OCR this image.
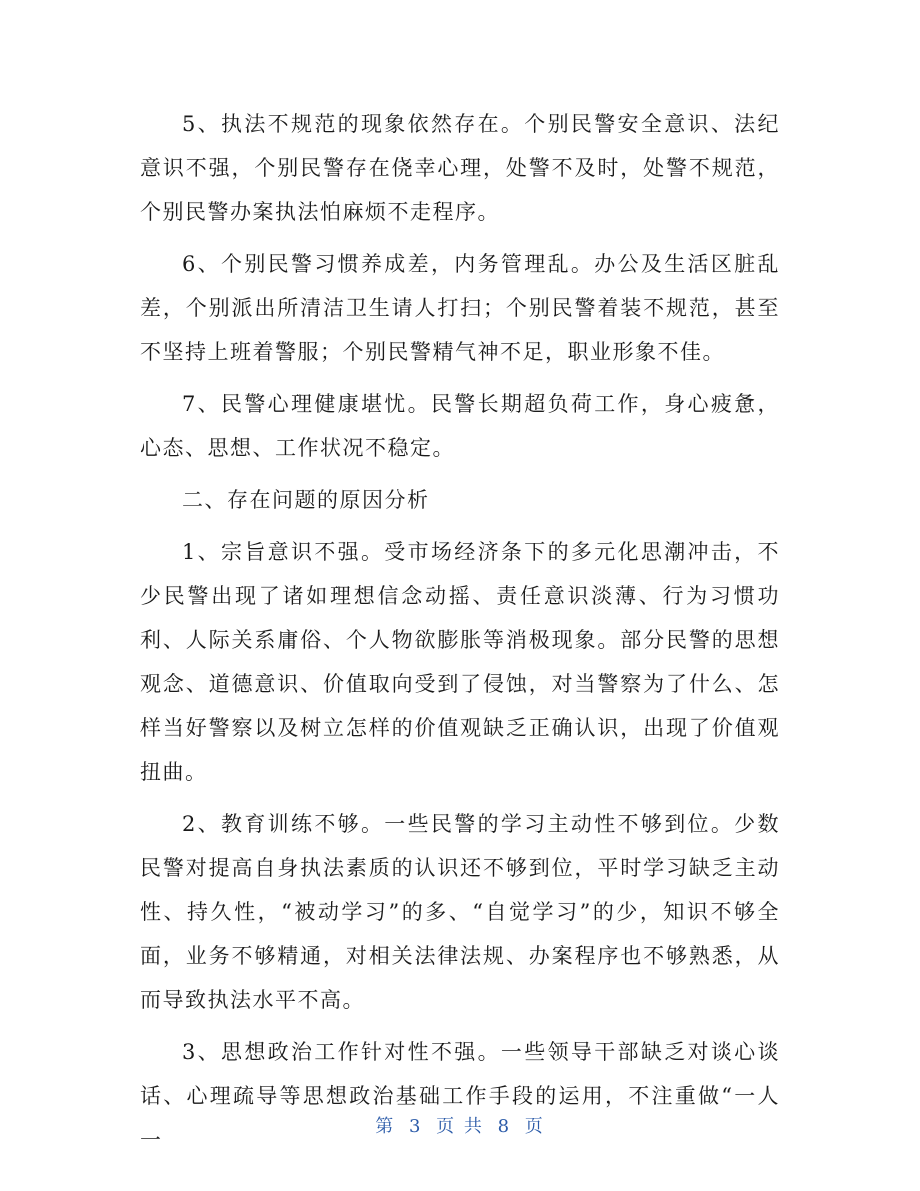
5、执法不规范的现象依然存在。个别民警安全意识、法纪意识不强，个别民警存在侥幸心理，处警不及时，处警不规范，个别民警办案执法怕麻烦不走程序。

6、个别民警习惯养成差，内务管理乱。办公及生活区脏乱差，个别派出所清洁卫生请人打扫；个别民警着装不规范，甚至不坚持上班着警服；个别民警精气神不足，职业形象不佳。

7、民警心理健康堪忧。民警长期超负荷工作，身心疲惫，心态、思想、工作状况不稳定。

二、存在问题的原因分析

1、宗旨意识不强。受市场经济条下的多元化思潮冲击，不少民警出现了诸如理想信念动摇、责任意识淡薄、行为习惯功利、人际关系庸俗、个人物欲膨胀等消极现象。部分民警的思想观念、道德意识、价值取向受到了侵蚀，对当警察为了什么、怎样当好警察以及树立怎样的价值观缺乏正确认识，出现了价值观扭曲。

2、教育训练不够。一些民警的学习主动性不够到位。少数民警对提高自身执法素质的认识还不够到位，平时学习缺乏主动性、持久性，“被动学习”的多、“自觉学习”的少，知识不够全面，业务不够精通，对相关法律法规、办案程序也不够熟悉，从而导致执法水平不高。

3、思想政治工作针对性不强。一些领导干部缺乏对谈心谈话、心理疏导等思想政治基础工作手段的运用，不注重做“一人一

第 3 页 共 8 页
